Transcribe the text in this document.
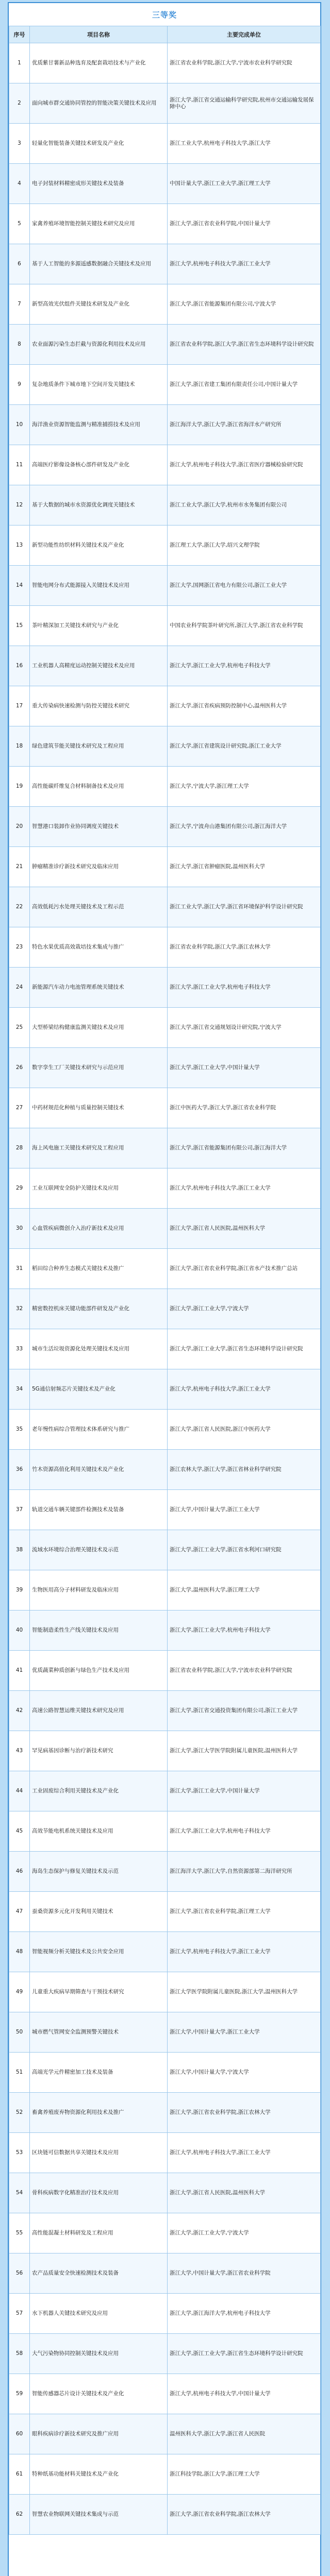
三等奖
序号	项目名称	主要完成单位
1	优质紫甘薯新品种选育及配套栽培技术与产业化	浙江省农业科学院,浙江大学,宁波市农业科学研究院
2	面向城市群交通协同管控的智能决策关键技术及应用	浙江大学,浙江省交通运输科学研究院,杭州市交通运输发展保障中心
3	轻量化智能装备关键技术研发及产业化	浙江工业大学,杭州电子科技大学,浙江大学
4	电子封装材料精密成形关键技术及装备	中国计量大学,浙江工业大学,浙江理工大学
5	家禽养殖环境智能控制关键技术研究及应用	浙江大学,浙江省农业科学院,中国计量大学
6	基于人工智能的多源遥感数据融合关键技术及应用	浙江大学,杭州电子科技大学,浙江工业大学
7	新型高效光伏组件关键技术研发及产业化	浙江大学,浙江省能源集团有限公司,宁波大学
8	农业面源污染生态拦截与资源化利用技术及应用	浙江省农业科学院,浙江大学,浙江省生态环境科学设计研究院
9	复杂地质条件下城市地下空间开发关键技术	浙江大学,浙江省建工集团有限责任公司,中国计量大学
10	海洋渔业资源智能监测与精准捕捞技术及应用	浙江海洋大学,浙江大学,浙江省海洋水产研究所
11	高端医疗影像设备核心部件研发及产业化	浙江大学,杭州电子科技大学,浙江省医疗器械检验研究院
12	基于大数据的城市水资源优化调度关键技术	浙江工业大学,浙江大学,杭州市水务集团有限公司
13	新型功能性纺织材料关键技术及产业化	浙江理工大学,浙江大学,绍兴文理学院
14	智能电网分布式能源接入关键技术及应用	浙江大学,国网浙江省电力有限公司,浙江工业大学
15	茶叶精深加工关键技术研究与产业化	中国农业科学院茶叶研究所,浙江大学,浙江省农业科学院
16	工业机器人高精度运动控制关键技术及应用	浙江大学,浙江工业大学,杭州电子科技大学
17	重大传染病快速检测与防控关键技术研究	浙江大学,浙江省疾病预防控制中心,温州医科大学
18	绿色建筑节能关键技术研究及工程应用	浙江大学,浙江省建筑设计研究院,浙江工业大学
19	高性能碳纤维复合材料制备技术及应用	浙江大学,宁波大学,浙江理工大学
20	智慧港口装卸作业协同调度关键技术	浙江大学,宁波舟山港集团有限公司,浙江海洋大学
21	肿瘤精准诊疗新技术研究及临床应用	浙江大学,浙江省肿瘤医院,温州医科大学
22	高效低耗污水处理关键技术及工程示范	浙江工业大学,浙江大学,浙江省环境保护科学设计研究院
23	特色水果优质高效栽培技术集成与推广	浙江省农业科学院,浙江大学,浙江农林大学
24	新能源汽车动力电池管理系统关键技术	浙江大学,浙江工业大学,杭州电子科技大学
25	大型桥梁结构健康监测关键技术及应用	浙江大学,浙江省交通规划设计研究院,宁波大学
26	数字孪生工厂关键技术研究与示范应用	浙江大学,浙江工业大学,中国计量大学
27	中药材规范化种植与质量控制关键技术	浙江中医药大学,浙江大学,浙江省农业科学院
28	海上风电施工关键技术研究及工程应用	浙江大学,浙江省能源集团有限公司,浙江海洋大学
29	工业互联网安全防护关键技术及应用	浙江大学,杭州电子科技大学,浙江工业大学
30	心血管疾病微创介入治疗新技术及应用	浙江大学,浙江省人民医院,温州医科大学
31	稻田综合种养生态模式关键技术及推广	浙江大学,浙江省农业科学院,浙江省水产技术推广总站
32	精密数控机床关键功能部件研发及产业化	浙江大学,浙江工业大学,宁波大学
33	城市生活垃圾资源化处理关键技术及应用	浙江大学,浙江工业大学,浙江省生态环境科学设计研究院
34	5G通信射频芯片关键技术及产业化	浙江大学,杭州电子科技大学,浙江工业大学
35	老年慢性病综合管理技术体系研究与推广	浙江大学,浙江省人民医院,浙江中医药大学
36	竹木资源高值化利用关键技术及产业化	浙江农林大学,浙江大学,浙江省林业科学研究院
37	轨道交通车辆关键部件检测技术及装备	浙江大学,中国计量大学,浙江工业大学
38	流域水环境综合治理关键技术及示范	浙江大学,浙江工业大学,浙江省水利河口研究院
39	生物医用高分子材料研发及临床应用	浙江大学,温州医科大学,浙江理工大学
40	智能制造柔性生产线关键技术及应用	浙江大学,浙江工业大学,杭州电子科技大学
41	优质蔬菜种质创新与绿色生产技术及应用	浙江省农业科学院,浙江大学,宁波市农业科学研究院
42	高速公路智慧运维关键技术研究及应用	浙江大学,浙江省交通投资集团有限公司,浙江工业大学
43	罕见病基因诊断与治疗新技术研究	浙江大学,浙江大学医学院附属儿童医院,温州医科大学
44	工业固废综合利用关键技术及产业化	浙江大学,浙江工业大学,中国计量大学
45	高效节能电机系统关键技术及应用	浙江大学,浙江工业大学,杭州电子科技大学
46	海岛生态保护与修复关键技术及示范	浙江海洋大学,浙江大学,自然资源部第二海洋研究所
47	蚕桑资源多元化开发利用关键技术	浙江大学,浙江省农业科学院,浙江理工大学
48	智能视频分析关键技术及公共安全应用	浙江大学,杭州电子科技大学,浙江工业大学
49	儿童重大疾病早期筛查与干预技术研究	浙江大学医学院附属儿童医院,浙江大学,温州医科大学
50	城市燃气管网安全监测预警关键技术	浙江大学,中国计量大学,浙江工业大学
51	高端光学元件精密加工技术及装备	浙江大学,中国计量大学,宁波大学
52	畜禽养殖废弃物资源化利用技术及推广	浙江大学,浙江省农业科学院,浙江农林大学
53	区块链可信数据共享关键技术及应用	浙江大学,杭州电子科技大学,浙江工业大学
54	骨科疾病数字化精准治疗技术及应用	浙江大学,浙江省人民医院,温州医科大学
55	高性能混凝土材料研发及工程应用	浙江大学,浙江工业大学,宁波大学
56	农产品质量安全快速检测技术及装备	浙江大学,中国计量大学,浙江省农业科学院
57	水下机器人关键技术研究及应用	浙江大学,浙江海洋大学,杭州电子科技大学
58	大气污染物协同控制关键技术及应用	浙江大学,浙江工业大学,浙江省生态环境科学设计研究院
59	智能传感器芯片设计关键技术及产业化	浙江大学,杭州电子科技大学,中国计量大学
60	眼科疾病诊疗新技术研究及推广应用	温州医科大学,浙江大学,浙江省人民医院
61	特种纸基功能材料关键技术及产业化	浙江科技学院,浙江大学,浙江理工大学
62	智慧农业物联网关键技术集成与示范	浙江大学,浙江省农业科学院,浙江农林大学
